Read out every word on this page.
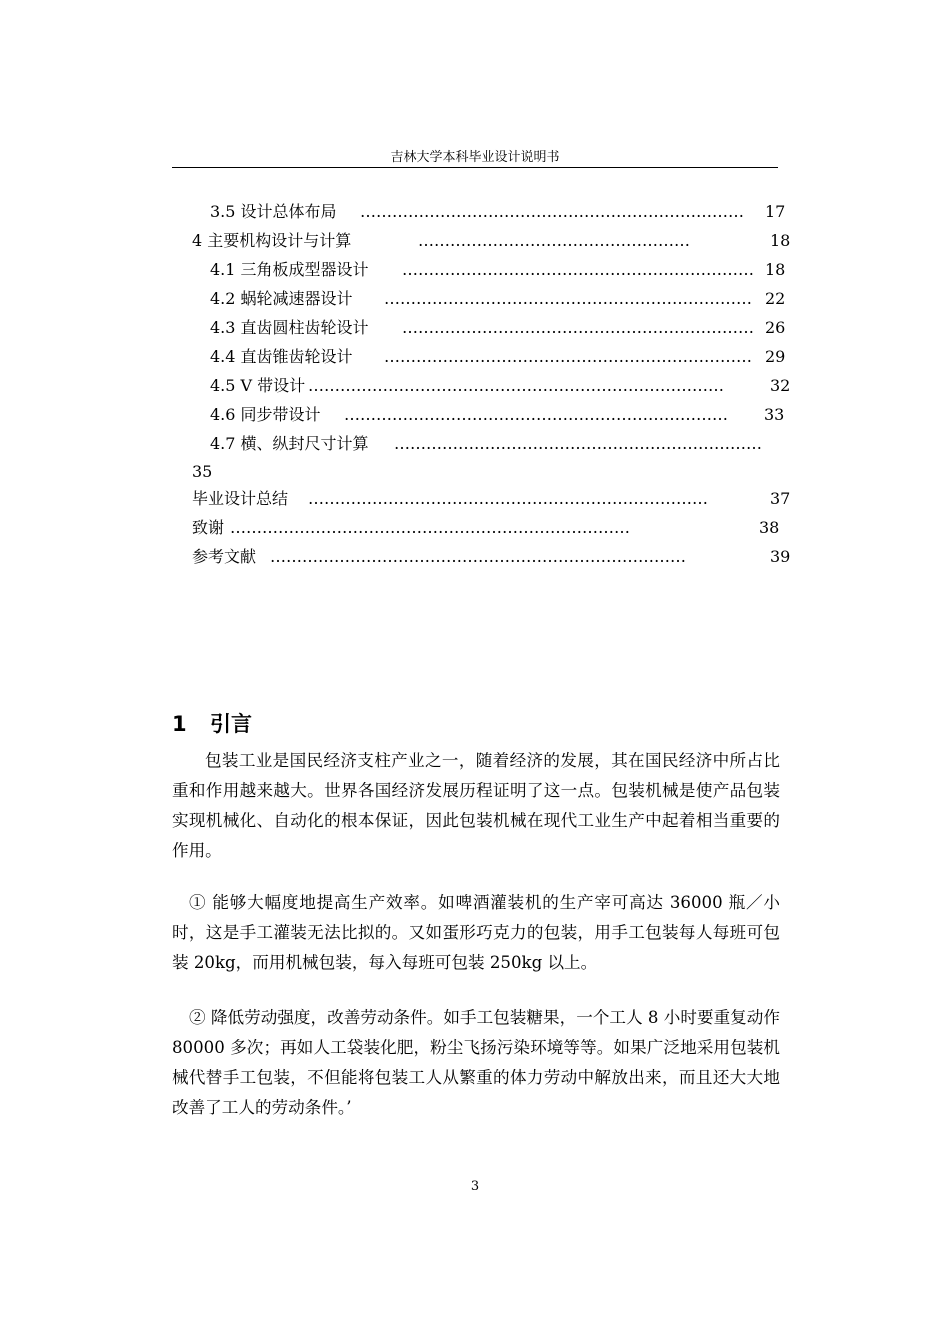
吉林大学本科毕业设计说明书
3.5 设计总体布局 ………………………………………………………………	17
4 主要机构设计与计算	……………………………………………	18
4.1 三角板成型器设计 ………………………………………………………… 18
4.2 蜗轮减速器设计 …………………………………………………………… 22
4.3 直齿圆柱齿轮设计 ………………………………………………………… 26
4.4 直齿锥齿轮设计 …………………………………………………………… 29
4.5 V 带设计 ……………………………………………………………………	32
4.6 同步带设计 ………………………………………………………………	33
4.7 横、纵封尺寸计算 ……………………………………………………………
35
毕业设计总结 …………………………………………………………………	37
致谢 …………………………………………………………………	38
参考文献 ……………………………………………………………………	39
1 引言

包装工业是国民经济支柱产业之一，随着经济的发展，其在国民经济中所占比重和作用越来越大。世界各国经济发展历程证明了这一点。包装机械是使产品包装实现机械化、自动化的根本保证，因此包装机械在现代工业生产中起着相当重要的作用。

① 能够大幅度地提高生产效率。如啤酒灌装机的生产宰可高达 36000 瓶／小时，这是手工灌装无法比拟的。又如蛋形巧克力的包装，用手工包装每人每班可包装 20kg，而用机械包装，每入每班可包装 250kg 以上。

② 降低劳动强度，改善劳动条件。如手工包装糖果，一个工人 8 小时要重复动作 80000 多次；再如人工袋装化肥，粉尘飞扬污染环境等等。如果广泛地采用包装机械代替手工包装，不但能将包装工人从繁重的体力劳动中解放出来，而且还大大地改善了工人的劳动条件。’

3
